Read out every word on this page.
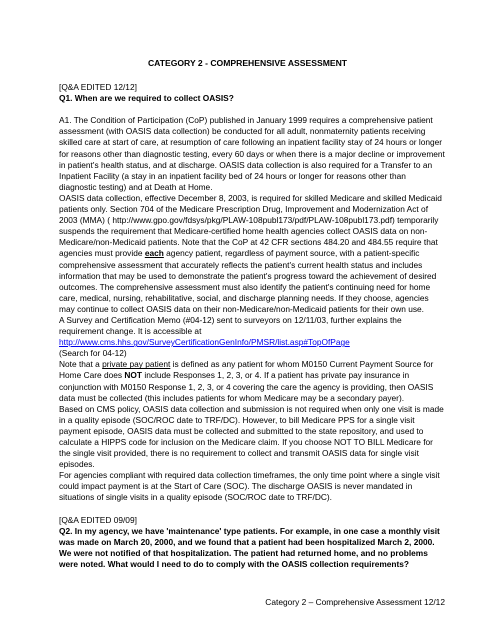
CATEGORY 2 - COMPREHENSIVE ASSESSMENT

[Q&A EDITED 12/12]

Q1. When are we required to collect OASIS?

A1. The Condition of Participation (CoP) published in January 1999 requires a comprehensive patient assessment (with OASIS data collection) be conducted for all adult, nonmaternity patients receiving skilled care at start of care, at resumption of care following an inpatient facility stay of 24 hours or longer for reasons other than diagnostic testing, every 60 days or when there is a major decline or improvement in patient's health status, and at discharge. OASIS data collection is also required for a Transfer to an Inpatient Facility (a stay in an inpatient facility bed of 24 hours or longer for reasons other than diagnostic testing) and at Death at Home.

OASIS data collection, effective December 8, 2003, is required for skilled Medicare and skilled Medicaid patients only. Section 704 of the Medicare Prescription Drug, Improvement and Modernization Act of 2003 (MMA) ( http://www.gpo.gov/fdsys/pkg/PLAW-108publ173/pdf/PLAW-108publ173.pdf) temporarily suspends the requirement that Medicare-certified home health agencies collect OASIS data on non-Medicare/non-Medicaid patients. Note that the CoP at 42 CFR sections 484.20 and 484.55 require that agencies must provide each agency patient, regardless of payment source, with a patient-specific comprehensive assessment that accurately reflects the patient's current health status and includes information that may be used to demonstrate the patient's progress toward the achievement of desired outcomes. The comprehensive assessment must also identify the patient's continuing need for home care, medical, nursing, rehabilitative, social, and discharge planning needs. If they choose, agencies may continue to collect OASIS data on their non-Medicare/non-Medicaid patients for their own use.

A Survey and Certification Memo (#04-12) sent to surveyors on 12/11/03, further explains the requirement change. It is accessible at

http://www.cms.hhs.gov/SurveyCertificationGenInfo/PMSR/list.asp#TopOfPage

(Search for 04-12)

Note that a private pay patient is defined as any patient for whom M0150 Current Payment Source for Home Care does NOT include Responses 1, 2, 3, or 4. If a patient has private pay insurance in conjunction with M0150 Response 1, 2, 3, or 4 covering the care the agency is providing, then OASIS data must be collected (this includes patients for whom Medicare may be a secondary payer).

Based on CMS policy, OASIS data collection and submission is not required when only one visit is made in a quality episode (SOC/ROC date to TRF/DC). However, to bill Medicare PPS for a single visit payment episode, OASIS data must be collected and submitted to the state repository, and used to calculate a HIPPS code for inclusion on the Medicare claim. If you choose NOT TO BILL Medicare for the single visit provided, there is no requirement to collect and transmit OASIS data for single visit episodes.

For agencies compliant with required data collection timeframes, the only time point where a single visit could impact payment is at the Start of Care (SOC). The discharge OASIS is never mandated in situations of single visits in a quality episode (SOC/ROC date to TRF/DC).

[Q&A EDITED 09/09]

Q2. In my agency, we have 'maintenance' type patients. For example, in one case a monthly visit was made on March 20, 2000, and we found that a patient had been hospitalized March 2, 2000. We were not notified of that hospitalization. The patient had returned home, and no problems were noted. What would I need to do to comply with the OASIS collection requirements?

Category 2 – Comprehensive Assessment 12/12
